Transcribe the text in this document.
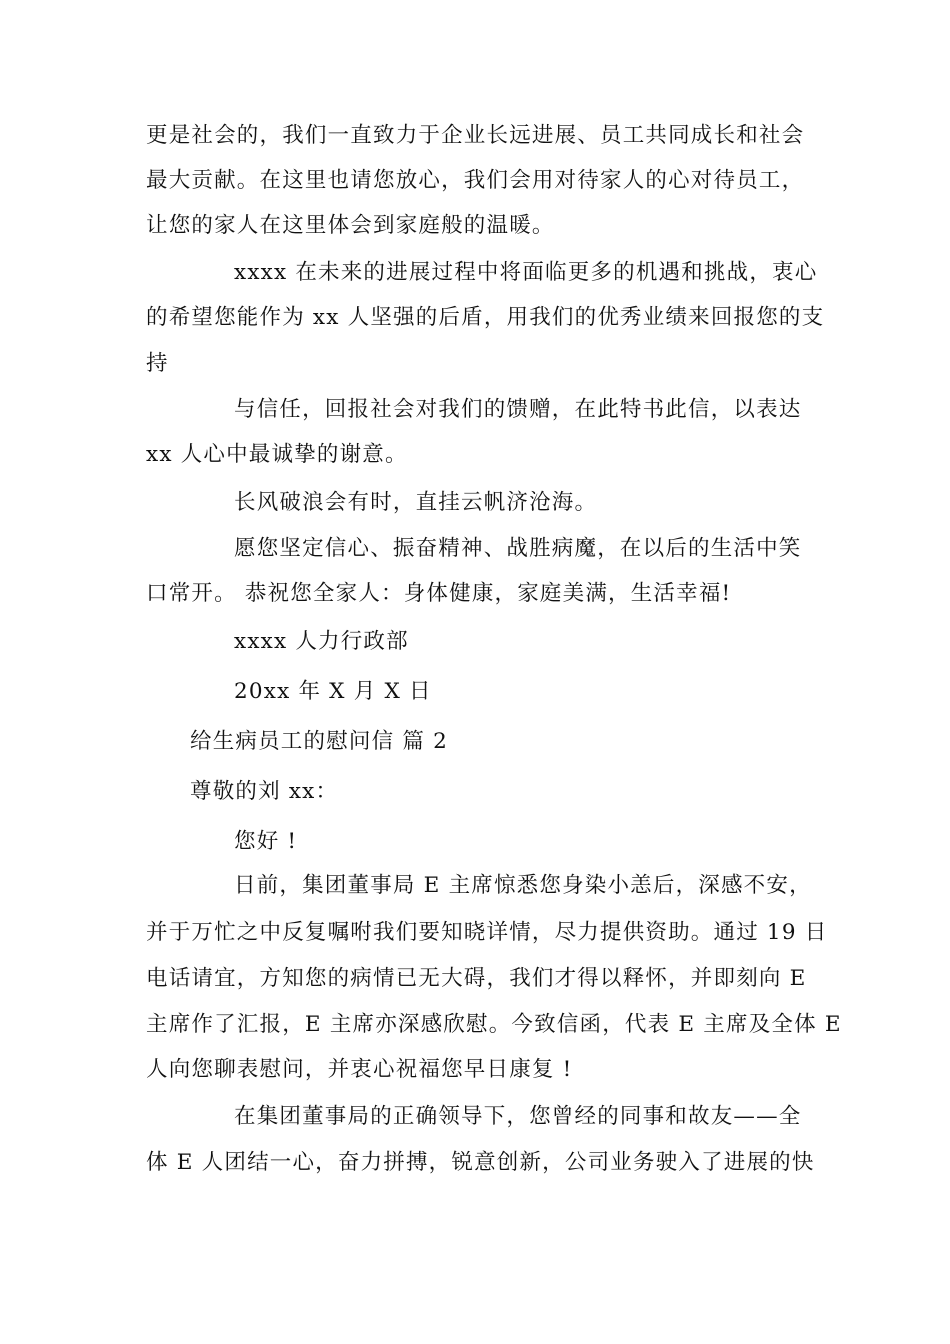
更是社会的，我们一直致力于企业长远进展、员工共同成长和社会
最大贡献。在这里也请您放心，我们会用对待家人的心对待员工，
让您的家人在这里体会到家庭般的温暖。
xxxx 在未来的进展过程中将面临更多的机遇和挑战，衷心
的希望您能作为 xx 人坚强的后盾，用我们的优秀业绩来回报您的支
持
与信任，回报社会对我们的馈赠，在此特书此信，以表达
xx 人心中最诚挚的谢意。
长风破浪会有时，直挂云帆济沧海。
愿您坚定信心、振奋精神、战胜病魔，在以后的生活中笑
口常开。 恭祝您全家人：身体健康，家庭美满，生活幸福!
xxxx 人力行政部
20xx 年 X 月 X 日
给生病员工的慰问信 篇 2
尊敬的刘 xx：
您好 !
日前，集团董事局 E 主席惊悉您身染小恙后，深感不安，
并于万忙之中反复嘱咐我们要知晓详情，尽力提供资助。通过 19 日
电话请宜，方知您的病情已无大碍，我们才得以释怀，并即刻向 E
主席作了汇报，E 主席亦深感欣慰。今致信函，代表 E 主席及全体 E
人向您聊表慰问，并衷心祝福您早日康复 !
在集团董事局的正确领导下，您曾经的同事和故友——全
体 E 人团结一心，奋力拼搏，锐意创新，公司业务驶入了进展的快
